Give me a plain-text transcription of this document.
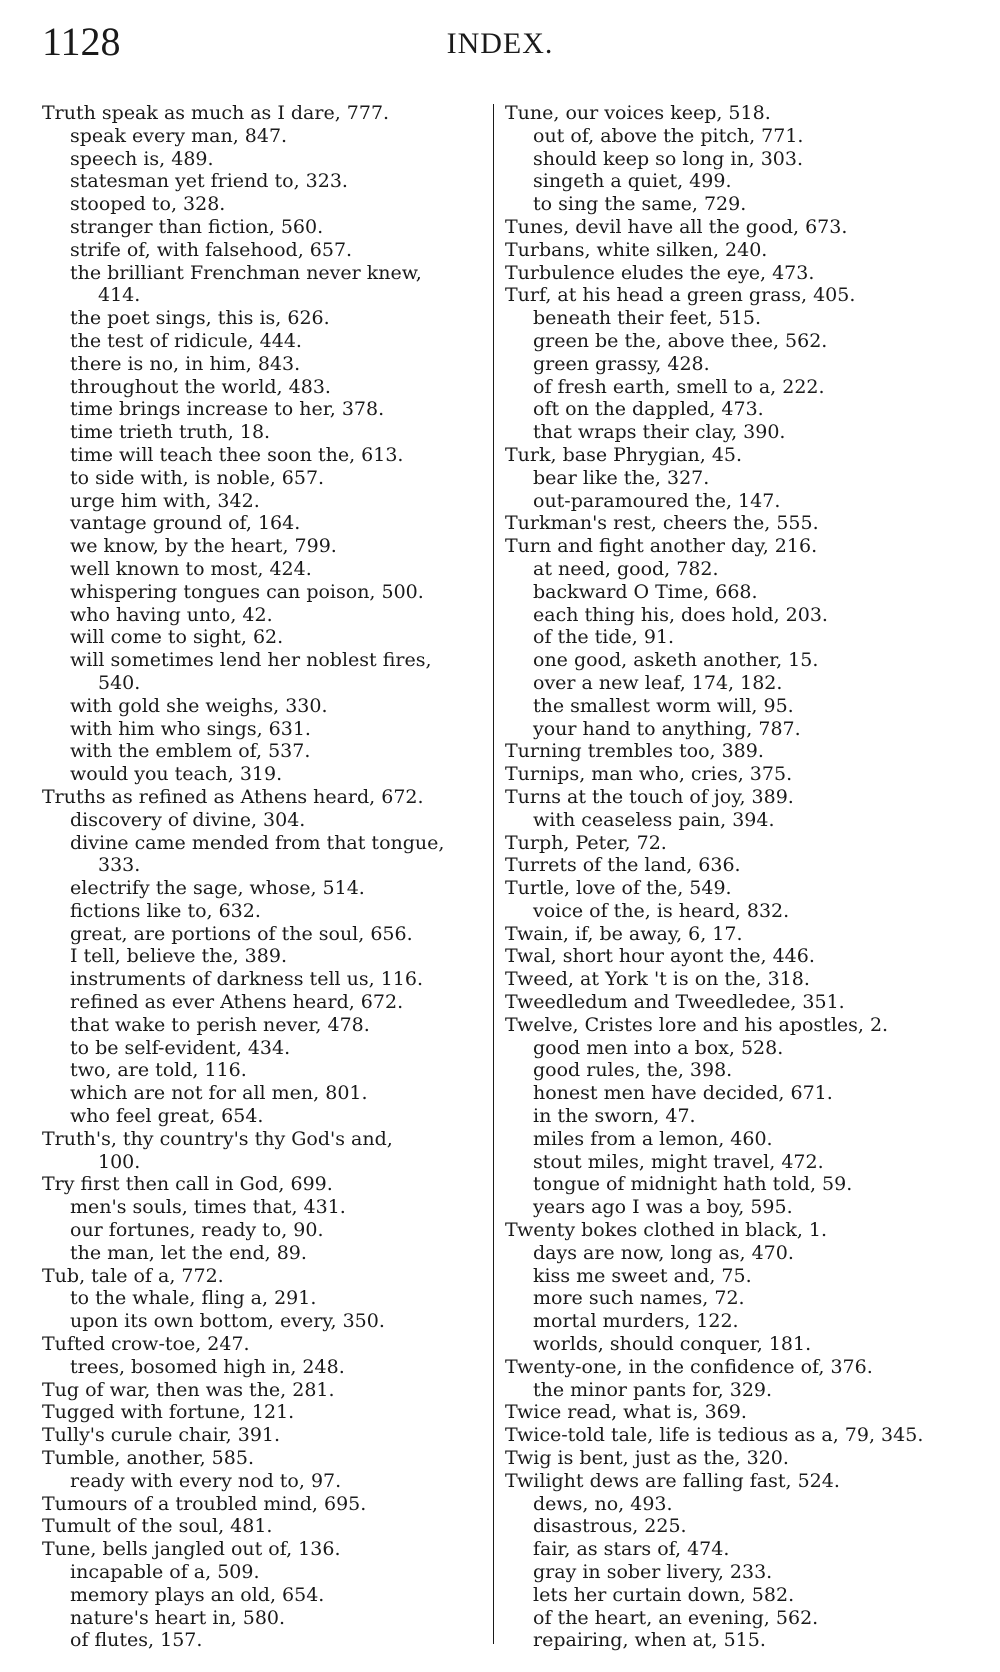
1128	INDEX.
Truth speak as much as I dare, 777.
speak every man, 847.
speech is, 489.
statesman yet friend to, 323.
stooped to, 328.
stranger than fiction, 560.
strife of, with falsehood, 657.
the brilliant Frenchman never knew,
414.
the poet sings, this is, 626.
the test of ridicule, 444.
there is no, in him, 843.
throughout the world, 483.
time brings increase to her, 378.
time trieth truth, 18.
time will teach thee soon the, 613.
to side with, is noble, 657.
urge him with, 342.
vantage ground of, 164.
we know, by the heart, 799.
well known to most, 424.
whispering tongues can poison, 500.
who having unto, 42.
will come to sight, 62.
will sometimes lend her noblest fires,
540.
with gold she weighs, 330.
with him who sings, 631.
with the emblem of, 537.
would you teach, 319.
Truths as refined as Athens heard, 672.
discovery of divine, 304.
divine came mended from that tongue,
333.
electrify the sage, whose, 514.
fictions like to, 632.
great, are portions of the soul, 656.
I tell, believe the, 389.
instruments of darkness tell us, 116.
refined as ever Athens heard, 672.
that wake to perish never, 478.
to be self-evident, 434.
two, are told, 116.
which are not for all men, 801.
who feel great, 654.
Truth's, thy country's thy God's and,
100.
Try first then call in God, 699.
men's souls, times that, 431.
our fortunes, ready to, 90.
the man, let the end, 89.
Tub, tale of a, 772.
to the whale, fling a, 291.
upon its own bottom, every, 350.
Tufted crow-toe, 247.
trees, bosomed high in, 248.
Tug of war, then was the, 281.
Tugged with fortune, 121.
Tully's curule chair, 391.
Tumble, another, 585.
ready with every nod to, 97.
Tumours of a troubled mind, 695.
Tumult of the soul, 481.
Tune, bells jangled out of, 136.
incapable of a, 509.
memory plays an old, 654.
nature's heart in, 580.
of flutes, 157.
Tune, our voices keep, 518.
out of, above the pitch, 771.
should keep so long in, 303.
singeth a quiet, 499.
to sing the same, 729.
Tunes, devil have all the good, 673.
Turbans, white silken, 240.
Turbulence eludes the eye, 473.
Turf, at his head a green grass, 405.
beneath their feet, 515.
green be the, above thee, 562.
green grassy, 428.
of fresh earth, smell to a, 222.
oft on the dappled, 473.
that wraps their clay, 390.
Turk, base Phrygian, 45.
bear like the, 327.
out-paramoured the, 147.
Turkman's rest, cheers the, 555.
Turn and fight another day, 216.
at need, good, 782.
backward O Time, 668.
each thing his, does hold, 203.
of the tide, 91.
one good, asketh another, 15.
over a new leaf, 174, 182.
the smallest worm will, 95.
your hand to anything, 787.
Turning trembles too, 389.
Turnips, man who, cries, 375.
Turns at the touch of joy, 389.
with ceaseless pain, 394.
Turph, Peter, 72.
Turrets of the land, 636.
Turtle, love of the, 549.
voice of the, is heard, 832.
Twain, if, be away, 6, 17.
Twal, short hour ayont the, 446.
Tweed, at York 't is on the, 318.
Tweedledum and Tweedledee, 351.
Twelve, Cristes lore and his apostles, 2.
good men into a box, 528.
good rules, the, 398.
honest men have decided, 671.
in the sworn, 47.
miles from a lemon, 460.
stout miles, might travel, 472.
tongue of midnight hath told, 59.
years ago I was a boy, 595.
Twenty bokes clothed in black, 1.
days are now, long as, 470.
kiss me sweet and, 75.
more such names, 72.
mortal murders, 122.
worlds, should conquer, 181.
Twenty-one, in the confidence of, 376.
the minor pants for, 329.
Twice read, what is, 369.
Twice-told tale, life is tedious as a, 79, 345.
Twig is bent, just as the, 320.
Twilight dews are falling fast, 524.
dews, no, 493.
disastrous, 225.
fair, as stars of, 474.
gray in sober livery, 233.
lets her curtain down, 582.
of the heart, an evening, 562.
repairing, when at, 515.
